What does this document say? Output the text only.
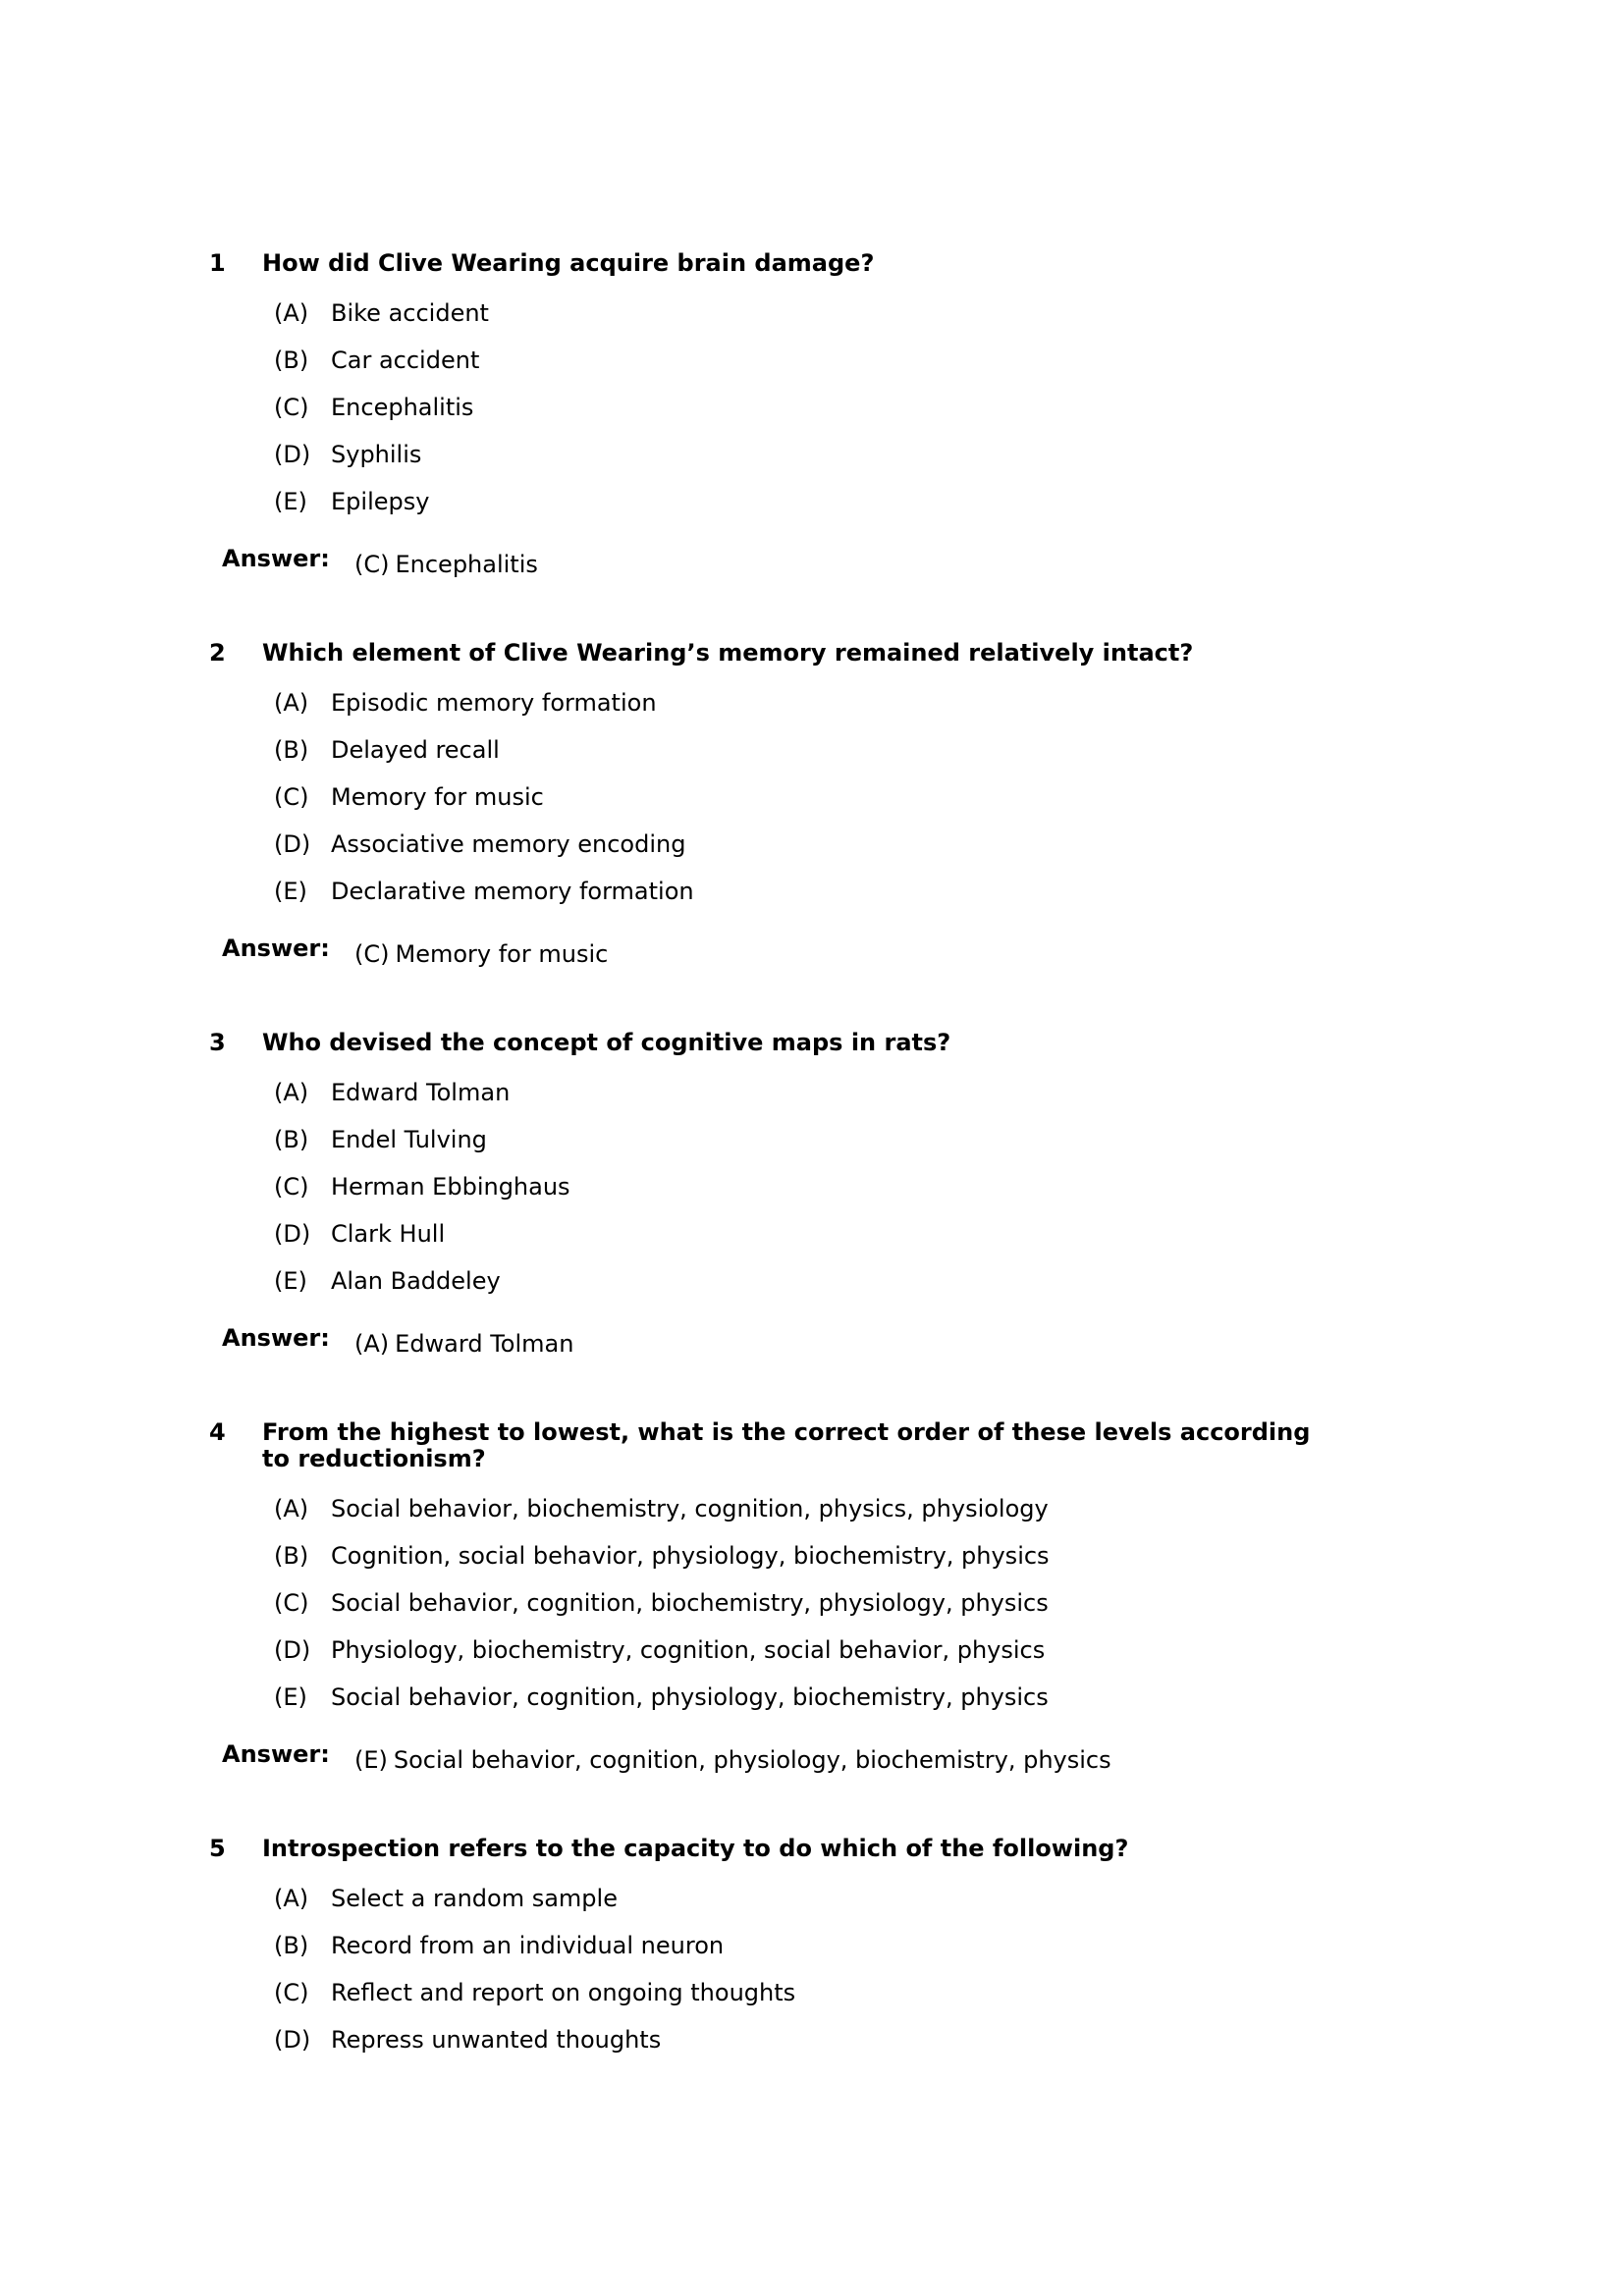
1	How did Clive Wearing acquire brain damage?
(A) Bike accident
(B) Car accident
(C) Encephalitis
(D) Syphilis
(E)	Epilepsy
Answer:	(C) Encephalitis
2	Which element of Clive Wearing’s memory remained relatively intact?
(A) Episodic memory formation
(B) Delayed recall
(C) Memory for music
(D) Associative memory encoding
(E)	Declarative memory formation
Answer:	(C) Memory for music
3	Who devised the concept of cognitive maps in rats?
(A) Edward Tolman
(B) Endel Tulving
(C) Herman Ebbinghaus
(D) Clark Hull
(E)	Alan Baddeley
Answer:	(A) Edward Tolman
4	From the highest to lowest, what is the correct order of these levels according to reductionism?
(A) Social behavior, biochemistry, cognition, physics, physiology
(B) Cognition, social behavior, physiology, biochemistry, physics
(C) Social behavior, cognition, biochemistry, physiology, physics
(D) Physiology, biochemistry, cognition, social behavior, physics
(E)	Social behavior, cognition, physiology, biochemistry, physics
Answer:	(E) Social behavior, cognition, physiology, biochemistry, physics
5	Introspection refers to the capacity to do which of the following?
(A) Select a random sample
(B) Record from an individual neuron
(C) Reflect and report on ongoing thoughts
(D) Repress unwanted thoughts
